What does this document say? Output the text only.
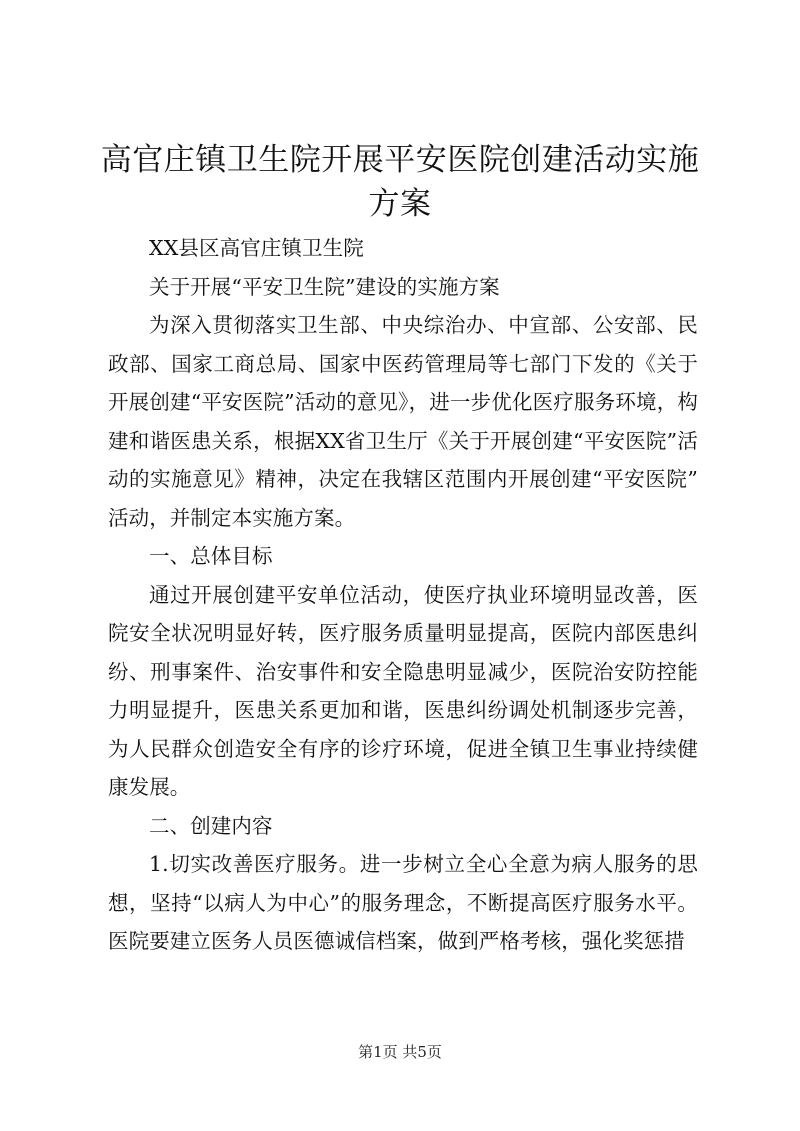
高官庄镇卫生院开展平安医院创建活动实施方案

XX县区高官庄镇卫生院

关于开展“平安卫生院”建设的实施方案

为深入贯彻落实卫生部、中央综治办、中宣部、公安部、民政部、国家工商总局、国家中医药管理局等七部门下发的《关于开展创建“平安医院”活动的意见》，进一步优化医疗服务环境，构建和谐医患关系，根据XX省卫生厅《关于开展创建“平安医院”活动的实施意见》精神，决定在我辖区范围内开展创建“平安医院”活动，并制定本实施方案。

一、总体目标

通过开展创建平安单位活动，使医疗执业环境明显改善，医院安全状况明显好转，医疗服务质量明显提高，医院内部医患纠纷、刑事案件、治安事件和安全隐患明显减少，医院治安防控能力明显提升，医患关系更加和谐，医患纠纷调处机制逐步完善，为人民群众创造安全有序的诊疗环境，促进全镇卫生事业持续健康发展。

二、创建内容

1.切实改善医疗服务。进一步树立全心全意为病人服务的思想，坚持“以病人为中心”的服务理念，不断提高医疗服务水平。医院要建立医务人员医德诚信档案，做到严格考核，强化奖惩措

第1页 共5页
